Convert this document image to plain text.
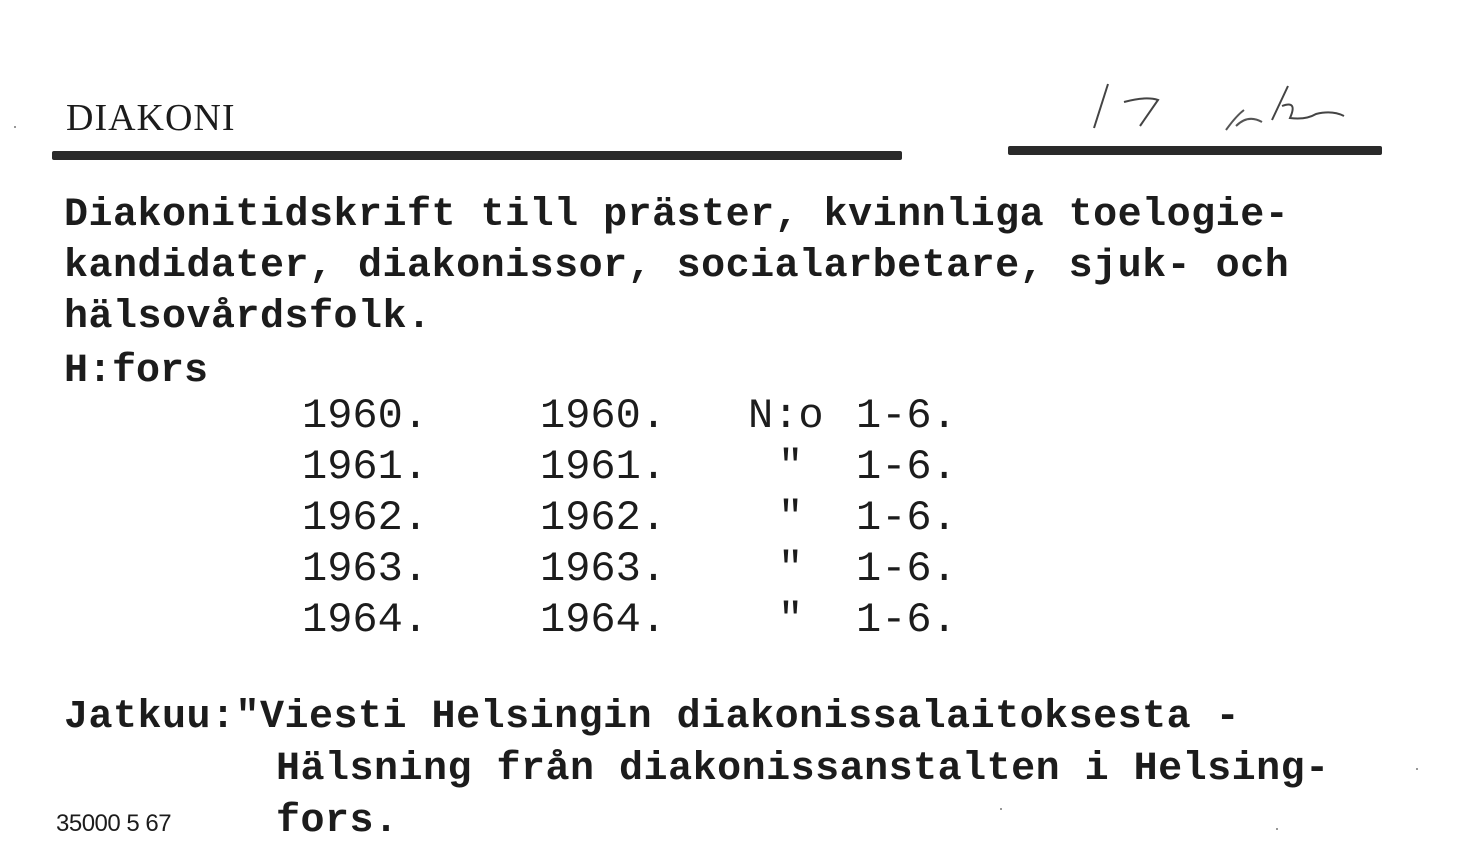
DIAKONI
Diakonitidskrift till präster, kvinnliga toelogie-
kandidater, diakonissor, socialarbetare, sjuk- och
hälsovårdsfolk.
H:fors
1960.	1960. N:o 1-6.
1961.	1961.	" 1-6.
1962.	1962.	" 1-6.
1963.	1963.	" 1-6.
1964.	1964.	" 1-6.
Jatkuu:"Viesti Helsingin diakonissalaitoksesta -
Hälsning från diakonissanstalten i Helsing-
fors.
35000 5 67
